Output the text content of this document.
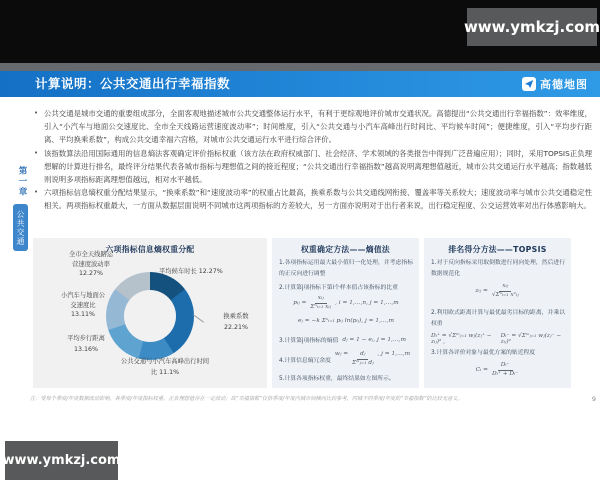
www.ymkzj.com
计算说明：公共交通出行幸福指数	高德地图
第一章
公共交通
• 公共交通是城市交通的重要组成部分，全面客观地描述城市公共交通整体运行水平，有利于更综观地评价城市交通状况。高德提出“公共交通出行幸福指数”：效率维度，引入“小汽车与地面公交速度比、全市全天线路运营速度波动率”；时间维度，引入“公共交通与小汽车高峰出行时间比、平均候车时间”；便捷维度，引入“平均步行距离、平均换乘系数”，构成公共交通幸福六宫格，对城市公共交通运行水平进行综合评价。
• 该指数算法沿用国际通用的信息熵法客观确定评价指标权重（该方法在政府权威部门、社会经济、学术领域的各类报告中得到广泛普遍应用）；同时，采用TOPSIS正负理想解的计算进行排名，最终评分结果代表各城市指标与理想值之间的接近程度；“公共交通出行幸福指数”越高说明离理想值越近，城市公共交通运行水平越高；指数越低则说明多项指标距离理想值越远，相对水平越低。
• 六项指标信息熵权重分配结果显示，“换乘系数”和“速度波动率”的权重占比最高，换乘系数与公共交通线网衔接、覆盖率等关系较大；速度波动率与城市公共交通稳定性相关。两项指标权重最大，一方面从数据层面说明不同城市这两项指标的方差较大，另一方面亦说明对于出行者来说，出行稳定程度、公交运营效率对出行体感影响大。
六项指标信息熵权重分配
平均候车时长 12.27%
换乘系数
22.21%
公共交通与小汽车高峰出行时间
比 11.1%
平均步行距离
13.16%
小汽车与地面公
交速度比
13.11%
全市全天线路运
营速度波动率
12.27%
权重确定方法——熵值法
1.各项指标运用最大最小值归一化处理，并考虑指标的正反向进行调整
2.计算第j项指标下第i个样本值占该指标的比重
pᵢⱼ = $\frac{\text{xᵢⱼ}}{\text{Σⁿᵢ₌₁ xᵢⱼ}}$ , i = 1,…,n, j = 1,…,m
eⱼ = −k Σⁿᵢ₌₁ pᵢⱼ ln(pᵢⱼ), j = 1,…,m
3.计算第j项指标的熵值 dⱼ = 1 − eⱼ, j = 1,…,m
4.计算信息熵冗余度
wⱼ = $\frac{\text{dⱼ}}{\text{Σᵐⱼ₌₁ dⱼ}}$ , j = 1,…,m
5.计算各项指标权重，最终结果如左图所示。
排名得分方法——TOPSIS
1.对于反向指标采用取倒数进行同向处理，然后进行数据规范化
zᵢⱼ = $\frac{\text{xᵢⱼ}}{\text{√Σⁿᵢ₌₁ x²ᵢⱼ}}$
2.利用欧式距离计算与最优最劣目标的距离，并乘以权重
Dᵢ⁺ = √Σᵐⱼ₌₁ wⱼ(zⱼ⁺ − zᵢⱼ)² ,
Dᵢ⁻ = √Σᵐⱼ₌₁ wⱼ(zⱼ⁻ − zᵢⱼ)²
3.计算各评价对象与最优方案的贴近程度
Cᵢ = $\frac{\text{Dᵢ⁻}}{\text{Dᵢ⁺ + Dᵢ⁻}}$
注：受每个季度/年度数据波动影响，各季度/年度指标权重、正负理想值存在一定波动；故“幸福指数”仅供季度/年度内城市间横向比较参考，同城不同季度/年度的“幸福指数”的比较无意义。	9
www.ymkzj.com
